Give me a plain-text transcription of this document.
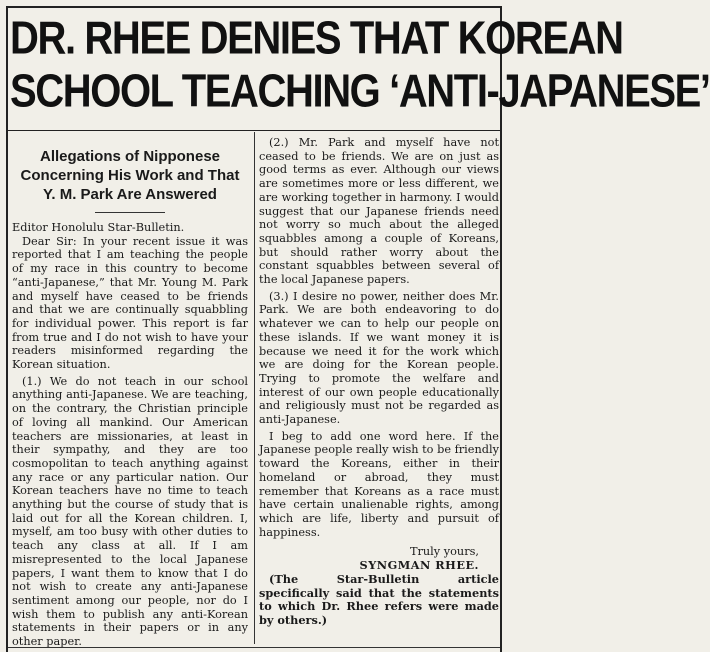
DR. RHEE DENIES THAT KOREAN
SCHOOL TEACHING ‘ANTI-JAPANESE’
Allegations of Nipponese Concerning His Work and That Y. M. Park Are Answered

Editor Honolulu Star-Bulletin.

Dear Sir: In your recent issue it was reported that I am teaching the people of my race in this country to become “anti-Japanese,” that Mr. Young M. Park and myself have ceased to be friends and that we are continually squabbling for individual power. This report is far from true and I do not wish to have your readers misinformed regarding the Korean situation.

(1.) We do not teach in our school anything anti-Japanese. We are teaching, on the contrary, the Christian principle of loving all mankind. Our American teachers are missionaries, at least in their sympathy, and they are too cosmopolitan to teach anything against any race or any particular nation. Our Korean teachers have no time to teach anything but the course of study that is laid out for all the Korean children. I, myself, am too busy with other duties to teach any class at all. If I am misrepresented to the local Japanese papers, I want them to know that I do not wish to create any anti-Japanese sentiment among our people, nor do I wish them to publish any anti-Korean statements in their papers or in any other paper.

(2.) Mr. Park and myself have not ceased to be friends. We are on just as good terms as ever. Although our views are sometimes more or less different, we are working together in harmony. I would suggest that our Japanese friends need not worry so much about the alleged squabbles among a couple of Koreans, but should rather worry about the constant squabbles between several of the local Japanese papers.

(3.) I desire no power, neither does Mr. Park. We are both endeavoring to do whatever we can to help our people on these islands. If we want money it is because we need it for the work which we are doing for the Korean people. Trying to promote the welfare and interest of our own people educationally and religiously must not be regarded as anti-Japanese.

I beg to add one word here. If the Japanese people really wish to be friendly toward the Koreans, either in their homeland or abroad, they must remember that Koreans as a race must have certain unalienable rights, among which are life, liberty and pursuit of happiness.

Truly yours,
SYNGMAN RHEE.

(The Star-Bulletin article specifically said that the statements to which Dr. Rhee refers were made by others.)
